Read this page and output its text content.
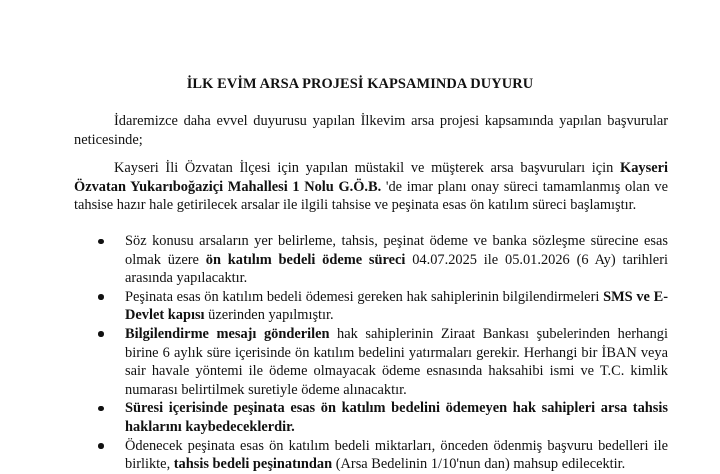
İLK EVİM ARSA PROJESİ KAPSAMINDA DUYURU
İdaremizce daha evvel duyurusu yapılan İlkevim arsa projesi kapsamında yapılan başvurular neticesinde;
Kayseri İli Özvatan İlçesi için yapılan müstakil ve müşterek arsa başvuruları için Kayseri Özvatan Yukarıboğaziçi Mahallesi 1 Nolu G.Ö.B. 'de imar planı onay süreci tamamlanmış olan ve tahsise hazır hale getirilecek arsalar ile ilgili tahsise ve peşinata esas ön katılım süreci başlamıştır.
Söz konusu arsaların yer belirleme, tahsis, peşinat ödeme ve banka sözleşme sürecine esas olmak üzere ön katılım bedeli ödeme süreci 04.07.2025 ile 05.01.2026 (6 Ay) tarihleri arasında yapılacaktır.
Peşinata esas ön katılım bedeli ödemesi gereken hak sahiplerinin bilgilendirmeleri SMS ve E-Devlet kapısı üzerinden yapılmıştır.
Bilgilendirme mesajı gönderilen hak sahiplerinin Ziraat Bankası şubelerinden herhangi birine 6 aylık süre içerisinde ön katılım bedelini yatırmaları gerekir. Herhangi bir İBAN veya sair havale yöntemi ile ödeme olmayacak ödeme esnasında haksahibi ismi ve T.C. kimlik numarası belirtilmek suretiyle ödeme alınacaktır.
Süresi içerisinde peşinata esas ön katılım bedelini ödemeyen hak sahipleri arsa tahsis haklarını kaybedeceklerdir.
Ödenecek peşinata esas ön katılım bedeli miktarları, önceden ödenmiş başvuru bedelleri ile birlikte, tahsis bedeli peşinatından (Arsa Bedelinin 1/10'nun dan) mahsup edilecektir.
